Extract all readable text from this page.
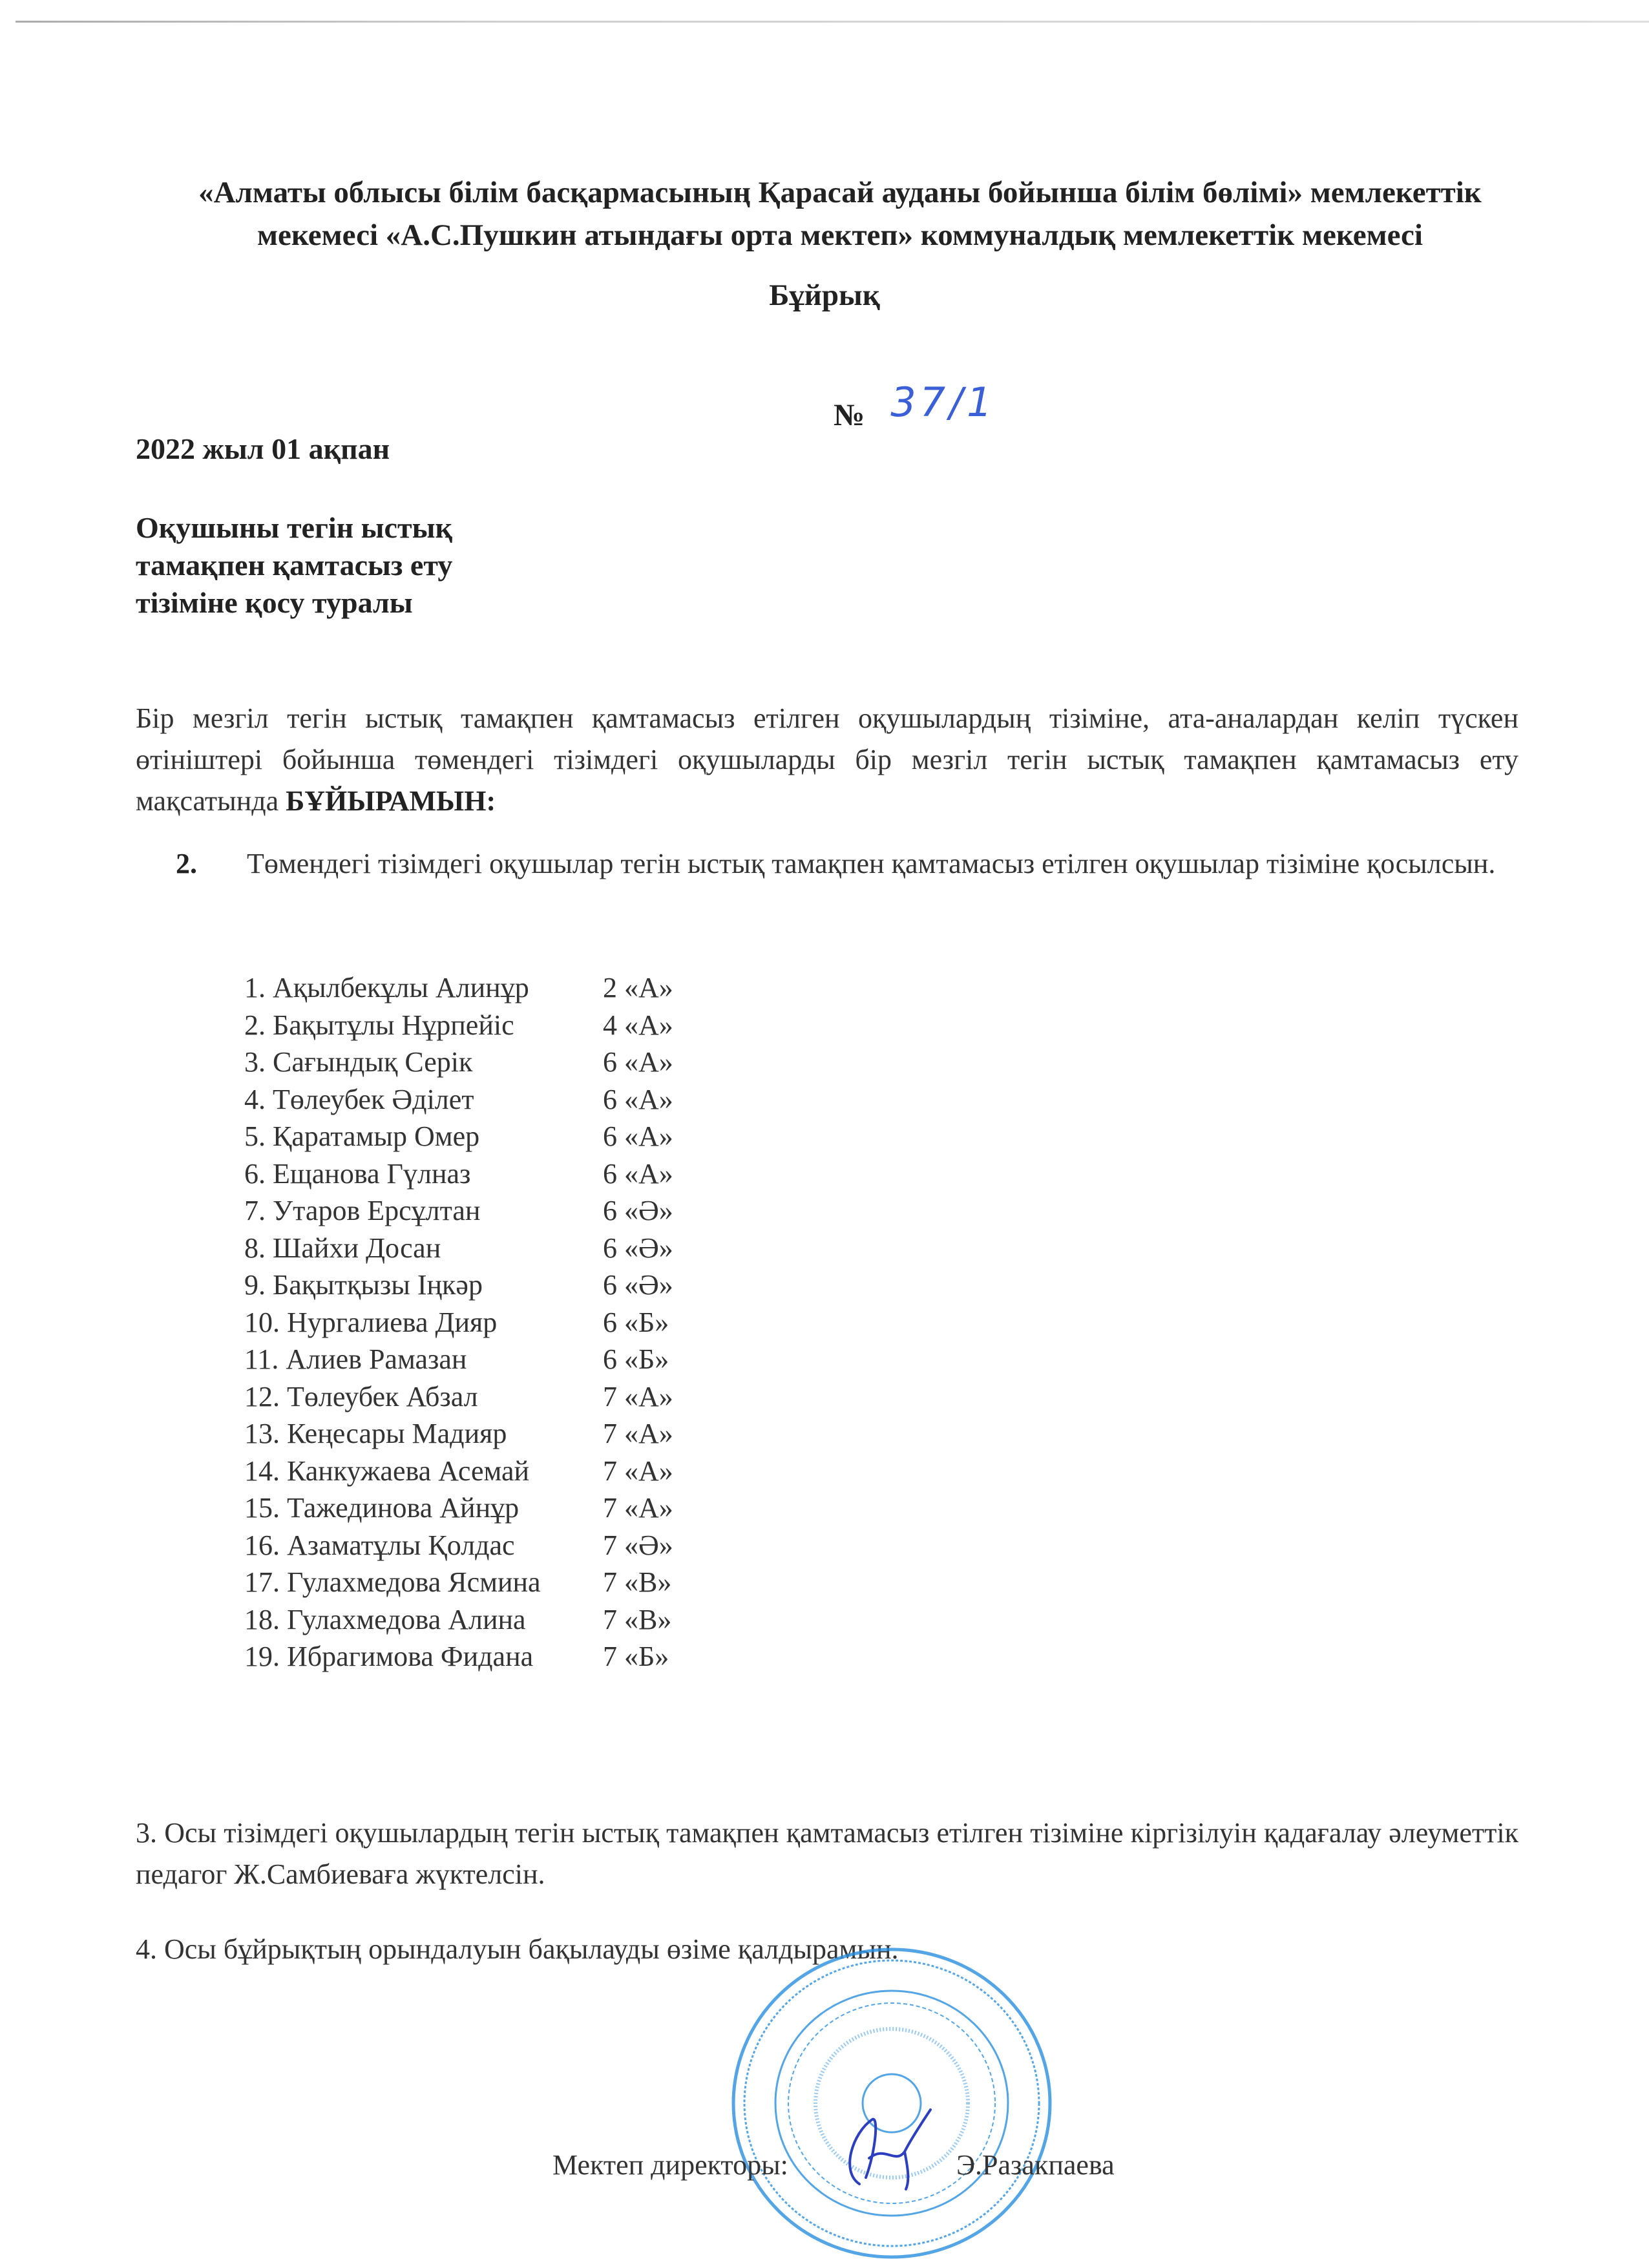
«Алматы облысы білім басқармасының Қарасай ауданы бойынша білім бөлімі» мемлекеттік
мекемесі «А.С.Пушкин атындағы орта мектеп» коммуналдық мемлекеттік мекемесі
Бұйрық
№ 37/1
2022 жыл 01 ақпан
Оқушыны тегін ыстық
тамақпен қамтасыз ету
тізіміне қосу туралы
Бір мезгіл тегін ыстық тамақпен қамтамасыз етілген оқушылардың тізіміне, ата-аналардан келіп түскен өтініштері бойынша төмендегі тізімдегі оқушыларды бір мезгіл тегін ыстық тамақпен қамтамасыз ету мақсатында БҰЙЫРАМЫН:
2. Төмендегі тізімдегі оқушылар тегін ыстық тамақпен қамтамасыз етілген оқушылар тізіміне қосылсын.
1. Ақылбекұлы Алинұр	2 «А»
2. Бақытұлы Нұрпейіс	4 «А»
3. Сағындық Серік	6 «А»
4. Төлеубек Әділет	6 «А»
5. Қаратамыр Омер	6 «А»
6. Ещанова Гүлназ	6 «А»
7. Утаров Ерсұлтан	6 «Ә»
8. Шайхи Досан	6 «Ә»
9. Бақытқызы Іңкәр	6 «Ә»
10. Нургалиева Дияр	6 «Б»
11. Алиев Рамазан	6 «Б»
12. Төлеубек Абзал	7 «А»
13. Кеңесары Мадияр	7 «А»
14. Канкужаева Асемай	7 «А»
15. Тажединова Айнұр	7 «А»
16. Азаматұлы Қолдас	7 «Ә»
17. Гулахмедова Ясмина 7 «В»
18. Гулахмедова Алина	7 «В»
19. Ибрагимова Фидана 7 «Б»
3. Осы тізімдегі оқушылардың тегін ыстық тамақпен қамтамасыз етілген тізіміне кіргізілуін қадағалау әлеуметтік педагог Ж.Самбиеваға жүктелсін.
4. Осы бұйрықтың орындалуын бақылауды өзіме қалдырамын.
Мектеп директоры:	Э.Разакпаева
